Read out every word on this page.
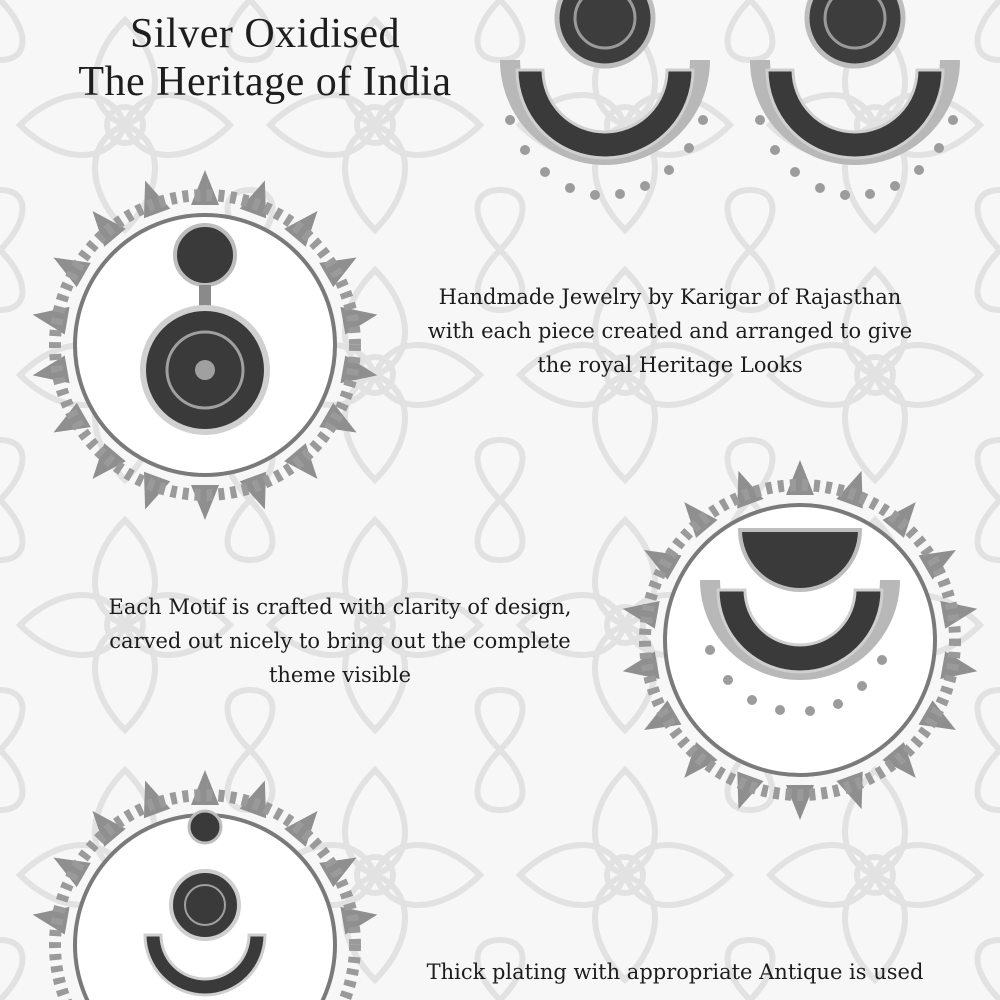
Silver Oxidised
The Heritage of India
Handmade Jewelry by Karigar of Rajasthan
with each piece created and arranged to give
the royal Heritage Looks
Each Motif is crafted with clarity of design,
carved out nicely to bring out the complete
theme visible
Thick plating with appropriate Antique is used
